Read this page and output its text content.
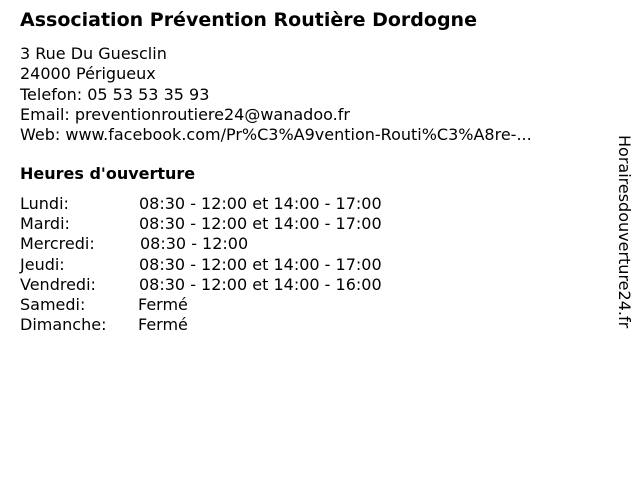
Association Prévention Routière Dordogne
3 Rue Du Guesclin
24000 Périgueux
Telefon: 05 53 53 35 93
Email: preventionroutiere24@wanadoo.fr
Web: www.facebook.com/Pr%C3%A9vention-Routi%C3%A8re-...
Heures d'ouverture
Lundi:	08:30 - 12:00 et 14:00 - 17:00
Mardi:	08:30 - 12:00 et 14:00 - 17:00
Mercredi:	08:30 - 12:00
Jeudi:	08:30 - 12:00 et 14:00 - 17:00
Vendredi:	08:30 - 12:00 et 14:00 - 16:00
Samedi:	Fermé
Dimanche: Fermé	Horairesdouverture24.fr
